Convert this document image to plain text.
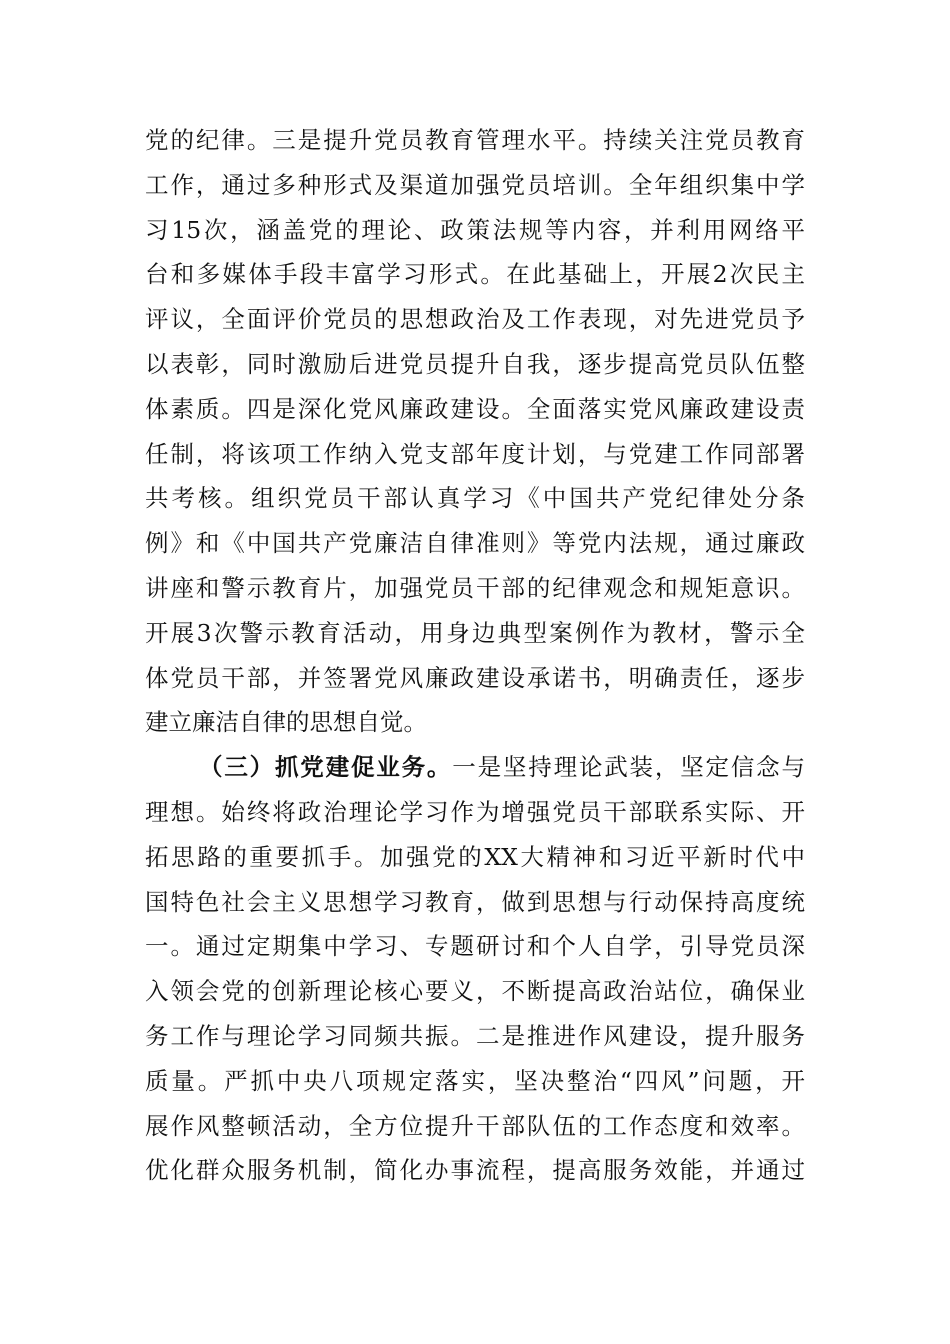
党的纪律。三是提升党员教育管理水平。持续关注党员教育
工作，通过多种形式及渠道加强党员培训。全年组织集中学
习15次，涵盖党的理论、政策法规等内容，并利用网络平
台和多媒体手段丰富学习形式。在此基础上，开展2次民主
评议，全面评价党员的思想政治及工作表现，对先进党员予
以表彰，同时激励后进党员提升自我，逐步提高党员队伍整
体素质。四是深化党风廉政建设。全面落实党风廉政建设责
任制，将该项工作纳入党支部年度计划，与党建工作同部署
共考核。组织党员干部认真学习《中国共产党纪律处分条
例》和《中国共产党廉洁自律准则》等党内法规，通过廉政
讲座和警示教育片，加强党员干部的纪律观念和规矩意识。
开展3次警示教育活动，用身边典型案例作为教材，警示全
体党员干部，并签署党风廉政建设承诺书，明确责任，逐步
建立廉洁自律的思想自觉。
（三）抓党建促业务。一是坚持理论武装，坚定信念与
理想。始终将政治理论学习作为增强党员干部联系实际、开
拓思路的重要抓手。加强党的XX大精神和习近平新时代中
国特色社会主义思想学习教育，做到思想与行动保持高度统
一。通过定期集中学习、专题研讨和个人自学，引导党员深
入领会党的创新理论核心要义，不断提高政治站位，确保业
务工作与理论学习同频共振。二是推进作风建设，提升服务
质量。严抓中央八项规定落实，坚决整治“四风”问题，开
展作风整顿活动，全方位提升干部队伍的工作态度和效率。
优化群众服务机制，简化办事流程，提高服务效能，并通过
